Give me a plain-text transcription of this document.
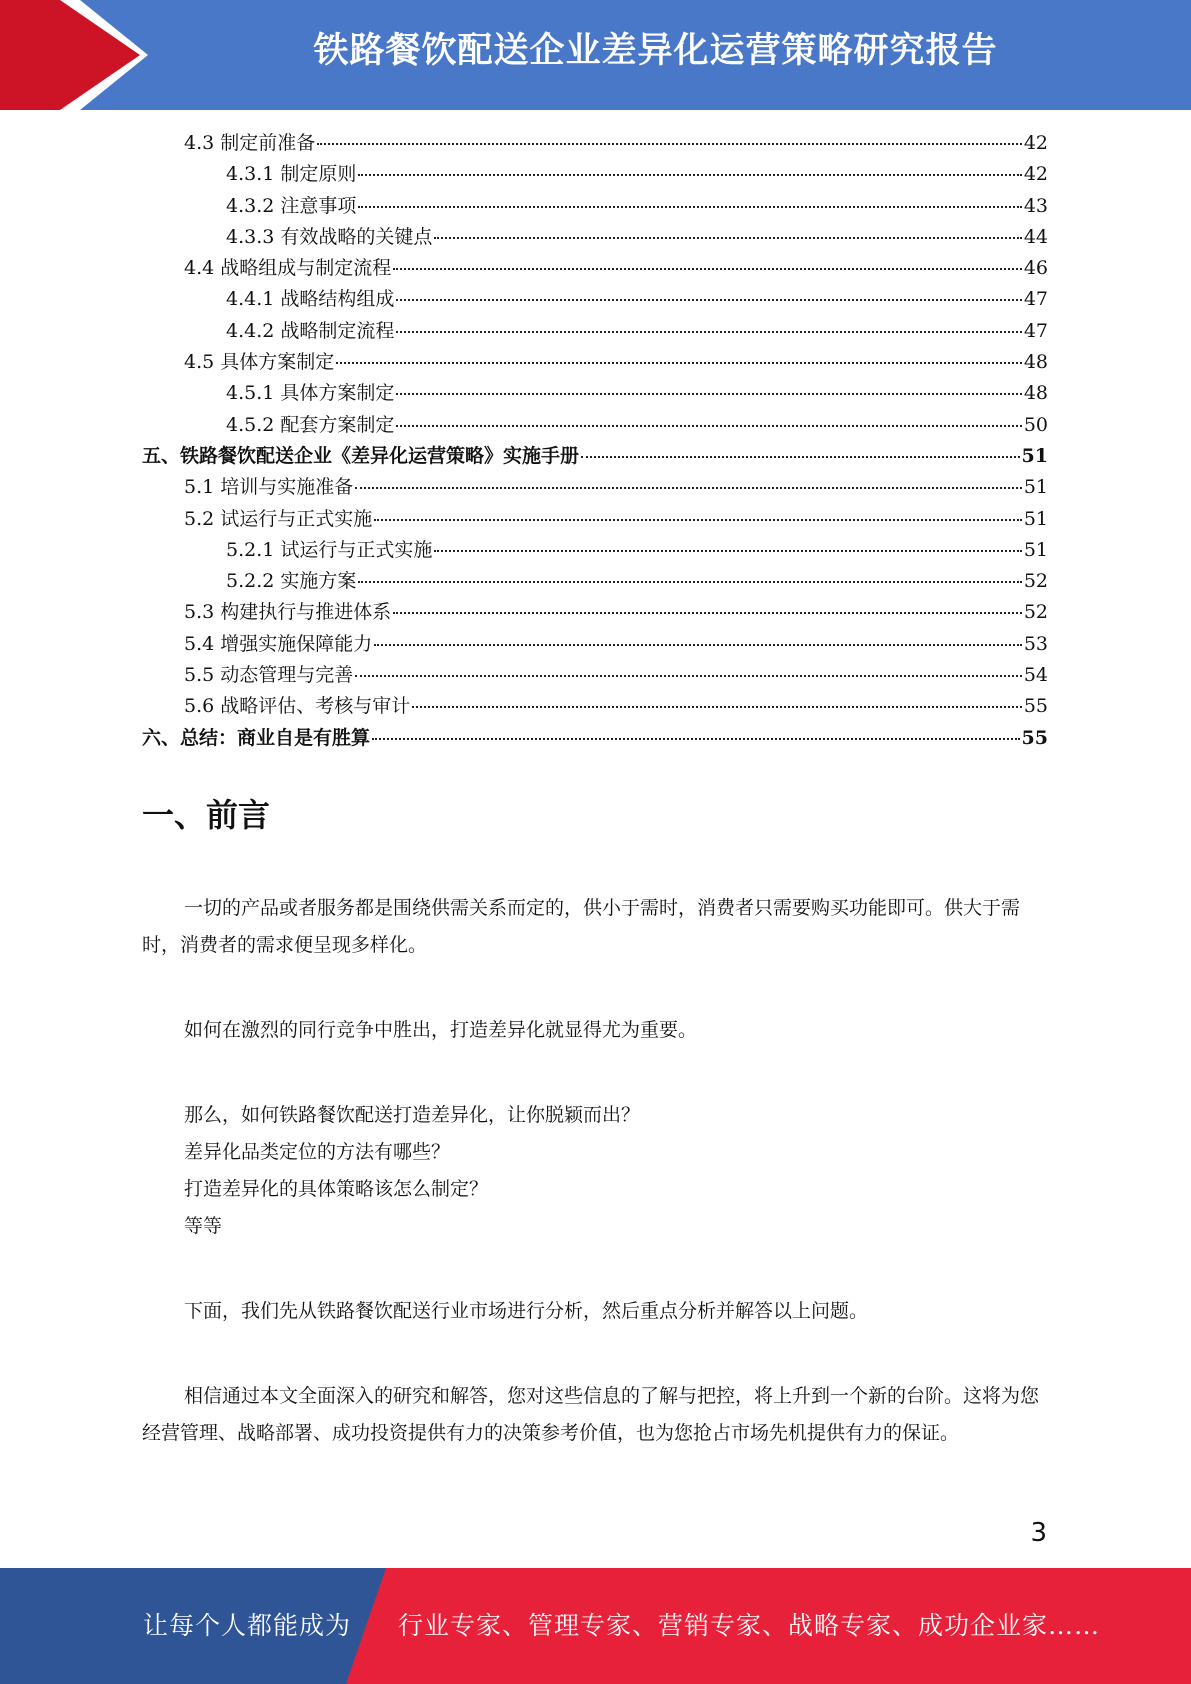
铁路餐饮配送企业差异化运营策略研究报告
4.3 制定前准备	42
4.3.1 制定原则	42
4.3.2 注意事项	43
4.3.3 有效战略的关键点	44
4.4 战略组成与制定流程	46
4.4.1 战略结构组成	47
4.4.2 战略制定流程	47
4.5 具体方案制定	48
4.5.1 具体方案制定	48
4.5.2 配套方案制定	50
五、铁路餐饮配送企业《差异化运营策略》实施手册	51
5.1 培训与实施准备	51
5.2 试运行与正式实施	51
5.2.1 试运行与正式实施	51
5.2.2 实施方案	52
5.3 构建执行与推进体系	52
5.4 增强实施保障能力	53
5.5 动态管理与完善	54
5.6 战略评估、考核与审计	55
六、总结：商业自是有胜算	55
一、前言

一切的产品或者服务都是围绕供需关系而定的，供小于需时，消费者只需要购买功能即可。供大于需时，消费者的需求便呈现多样化。

如何在激烈的同行竞争中胜出，打造差异化就显得尤为重要。

那么，如何铁路餐饮配送打造差异化，让你脱颖而出？

差异化品类定位的方法有哪些？

打造差异化的具体策略该怎么制定？

等等

下面，我们先从铁路餐饮配送行业市场进行分析，然后重点分析并解答以上问题。

相信通过本文全面深入的研究和解答，您对这些信息的了解与把控，将上升到一个新的台阶。这将为您经营管理、战略部署、成功投资提供有力的决策参考价值，也为您抢占市场先机提供有力的保证。

3
让每个人都能成为 行业专家、管理专家、营销专家、战略专家、成功企业家……
